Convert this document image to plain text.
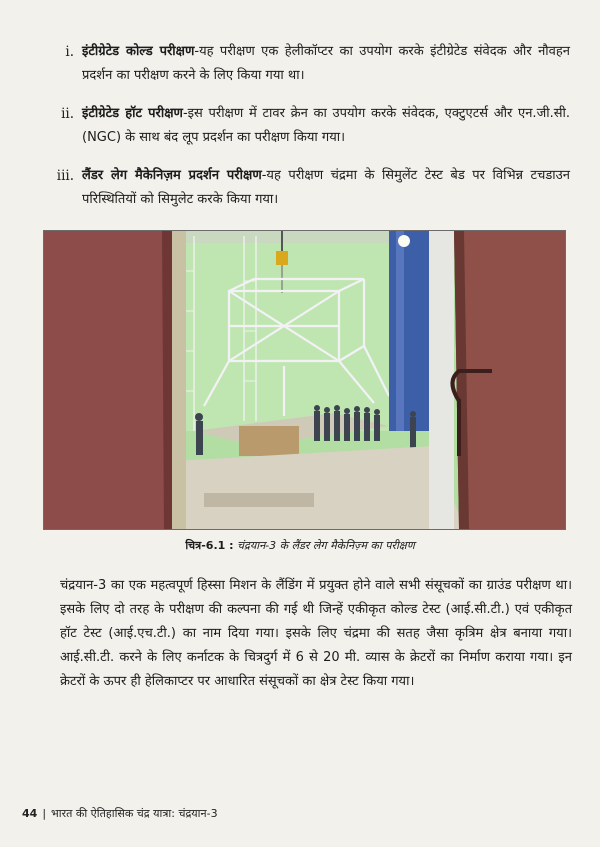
i. इंटीग्रेटेड कोल्ड परीक्षण-यह परीक्षण एक हेलीकॉप्टर का उपयोग करके इंटीग्रेटेड संवेदक और नौवहन प्रदर्शन का परीक्षण करने के लिए किया गया था।
ii. इंटीग्रेटेड हॉट परीक्षण-इस परीक्षण में टावर क्रेन का उपयोग करके संवेदक, एक्टुएटर्स और एन.जी.सी. (NGC) के साथ बंद लूप प्रदर्शन का परीक्षण किया गया।
iii. लैंडर लेग मैकेनिज़म प्रदर्शन परीक्षण-यह परीक्षण चंद्रमा के सिमुलेंट टेस्ट बेड पर विभिन्न टचडाउन परिस्थितियों को सिमुलेट करके किया गया।
चित्र-6.1 : चंद्रयान-3 के लैंडर लेग मैकेनिज़्म का परीक्षण
चंद्रयान-3 का एक महत्वपूर्ण हिस्सा मिशन के लैंडिंग में प्रयुक्त होने वाले सभी संसूचकों का ग्राउंड परीक्षण था। इसके लिए दो तरह के परीक्षण की कल्पना की गई थी जिन्हें एकीकृत कोल्ड टेस्ट (आई.सी.टी.) एवं एकीकृत हॉट टेस्ट (आई.एच.टी.) का नाम दिया गया। इसके लिए चंद्रमा की सतह जैसा कृत्रिम क्षेत्र बनाया गया। आई.सी.टी. करने के लिए कर्नाटक के चित्रदुर्ग में 6 से 20 मी. व्यास के क्रेटरों का निर्माण कराया गया। इन क्रेटरों के ऊपर ही हेलिकाप्टर पर आधारित संसूचकों का क्षेत्र टेस्ट किया गया।
44 | भारत की ऐतिहासिक चंद्र यात्रा: चंद्रयान-3
